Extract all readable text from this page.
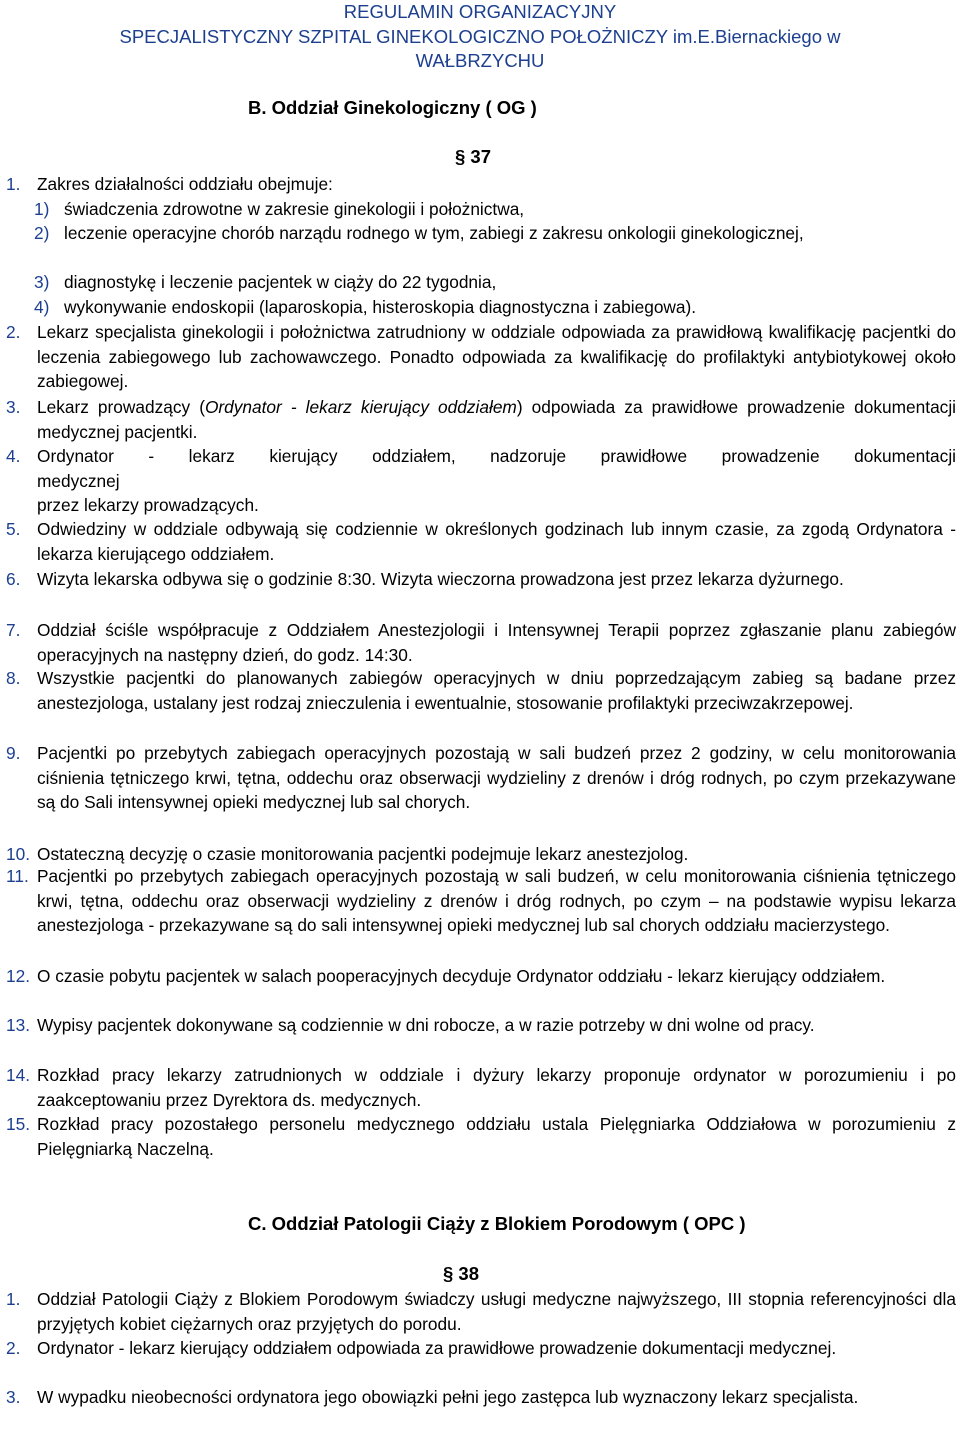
REGULAMIN ORGANIZACYJNY
SPECJALISTYCZNY SZPITAL GINEKOLOGICZNO POŁOŻNICZY im.E.Biernackiego w
WAŁBRZYCHU
B. Oddział Ginekologiczny ( OG )
§ 37
1. Zakres działalności oddziału obejmuje:
1) świadczenia zdrowotne w zakresie ginekologii i położnictwa,
2) leczenie operacyjne chorób narządu rodnego w tym, zabiegi z zakresu onkologii ginekologicznej,
3) diagnostykę i leczenie pacjentek w ciąży do 22 tygodnia,
4) wykonywanie endoskopii (laparoskopia, histeroskopia diagnostyczna i zabiegowa).
2. Lekarz specjalista ginekologii i położnictwa zatrudniony w oddziale odpowiada za prawidłową kwalifikację pacjentki do leczenia zabiegowego lub zachowawczego. Ponadto odpowiada za kwalifikację do profilaktyki antybiotykowej około zabiegowej.
3. Lekarz prowadzący (Ordynator - lekarz kierujący oddziałem) odpowiada za prawidłowe prowadzenie dokumentacji medycznej pacjentki.
4. Ordynator - lekarz kierujący oddziałem, nadzoruje prawidłowe prowadzenie dokumentacji
medycznej
przez lekarzy prowadzących.
5. Odwiedziny w oddziale odbywają się codziennie w określonych godzinach lub innym czasie, za zgodą Ordynatora - lekarza kierującego oddziałem.
6. Wizyta lekarska odbywa się o godzinie 8:30. Wizyta wieczorna prowadzona jest przez lekarza dyżurnego.
7. Oddział ściśle współpracuje z Oddziałem Anestezjologii i Intensywnej Terapii poprzez zgłaszanie planu zabiegów operacyjnych na następny dzień, do godz. 14:30.
8. Wszystkie pacjentki do planowanych zabiegów operacyjnych w dniu poprzedzającym zabieg są badane przez anestezjologa, ustalany jest rodzaj znieczulenia i ewentualnie, stosowanie profilaktyki przeciwzakrzepowej.
9. Pacjentki po przebytych zabiegach operacyjnych pozostają w sali budzeń przez 2 godziny, w celu monitorowania ciśnienia tętniczego krwi, tętna, oddechu oraz obserwacji wydzieliny z drenów i dróg rodnych, po czym przekazywane są do Sali intensywnej opieki medycznej lub sal chorych.
10. Ostateczną decyzję o czasie monitorowania pacjentki podejmuje lekarz anestezjolog.
11. Pacjentki po przebytych zabiegach operacyjnych pozostają w sali budzeń, w celu monitorowania ciśnienia tętniczego krwi, tętna, oddechu oraz obserwacji wydzieliny z drenów i dróg rodnych, po czym – na podstawie wypisu lekarza anestezjologa - przekazywane są do sali intensywnej opieki medycznej lub sal chorych oddziału macierzystego.
12. O czasie pobytu pacjentek w salach pooperacyjnych decyduje Ordynator oddziału - lekarz kierujący oddziałem.
13. Wypisy pacjentek dokonywane są codziennie w dni robocze, a w razie potrzeby w dni wolne od pracy.
14. Rozkład pracy lekarzy zatrudnionych w oddziale i dyżury lekarzy proponuje ordynator w porozumieniu i po zaakceptowaniu przez Dyrektora ds. medycznych.
15. Rozkład pracy pozostałego personelu medycznego oddziału ustala Pielęgniarka Oddziałowa w porozumieniu z Pielęgniarką Naczelną.
C. Oddział Patologii Ciąży z Blokiem Porodowym ( OPC )
§ 38
1. Oddział Patologii Ciąży z Blokiem Porodowym świadczy usługi medyczne najwyższego, III stopnia referencyjności dla przyjętych kobiet ciężarnych oraz przyjętych do porodu.
2. Ordynator - lekarz kierujący oddziałem odpowiada za prawidłowe prowadzenie dokumentacji medycznej.
3. W wypadku nieobecności ordynatora jego obowiązki pełni jego zastępca lub wyznaczony lekarz specjalista.
